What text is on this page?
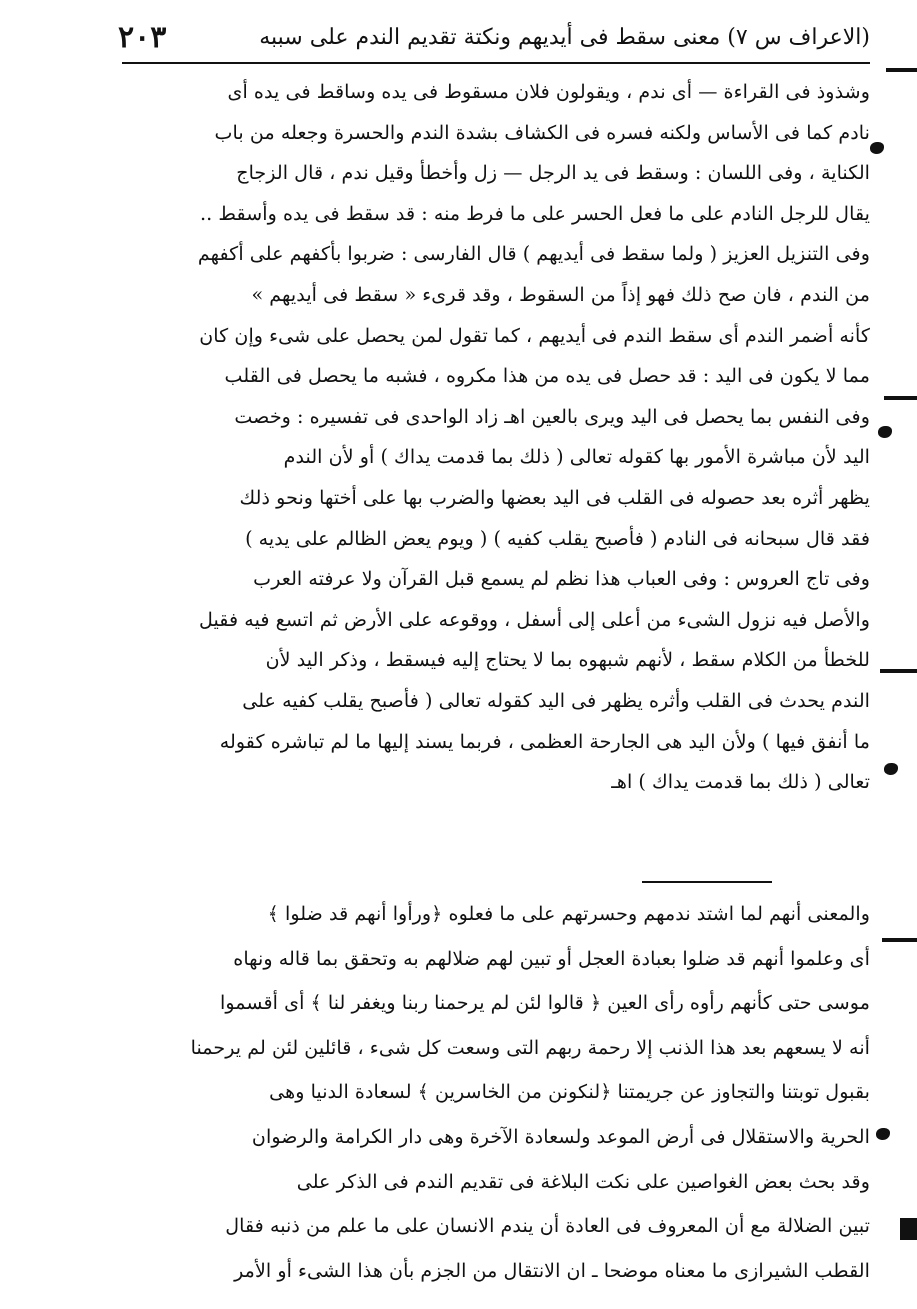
٢٠٣	(الاعراف س ٧) معنى سقط فى أيديهم ونكتة تقديم الندم على سببه
وشذوذ فى القراءة — أى ندم ، ويقولون فلان مسقوط فى يده وساقط فى يده أى
نادم كما فى الأساس ولكنه فسره فى الكشاف بشدة الندم والحسرة وجعله من باب
الكناية ، وفى اللسان : وسقط فى يد الرجل — زل وأخطأ وقيل ندم ، قال الزجاج
يقال للرجل النادم على ما فعل الحسر على ما فرط منه : قد سقط فى يده وأسقط ..
وفى التنزيل العزيز ( ولما سقط فى أيديهم ) قال الفارسى : ضربوا بأكفهم على أكفهم
من الندم ، فان صح ذلك فهو إذاً من السقوط ، وقد قرىء « سقط فى أيديهم »
كأنه أضمر الندم أى سقط الندم فى أيديهم ، كما تقول لمن يحصل على شىء وإن كان
مما لا يكون فى اليد : قد حصل فى يده من هذا مكروه ، فشبه ما يحصل فى القلب
وفى النفس بما يحصل فى اليد ويرى بالعين اهـ زاد الواحدى فى تفسيره : وخصت
اليد لأن مباشرة الأمور بها كقوله تعالى ( ذلك بما قدمت يداك ) أو لأن الندم
يظهر أثره بعد حصوله فى القلب فى اليد بعضها والضرب بها على أختها ونحو ذلك
فقد قال سبحانه فى النادم ( فأصبح يقلب كفيه ) ( ويوم يعض الظالم على يديه )
وفى تاج العروس : وفى العباب هذا نظم لم يسمع قبل القرآن ولا عرفته العرب
والأصل فيه نزول الشىء من أعلى إلى أسفل ، ووقوعه على الأرض ثم اتسع فيه فقيل
للخطأ من الكلام سقط ، لأنهم شبهوه بما لا يحتاج إليه فيسقط ، وذكر اليد لأن
الندم يحدث فى القلب وأثره يظهر فى اليد كقوله تعالى ( فأصبح يقلب كفيه على
ما أنفق فيها ) ولأن اليد هى الجارحة العظمى ، فربما يسند إليها ما لم تباشره كقوله
تعالى ( ذلك بما قدمت يداك ) اهـ
والمعنى أنهم لما اشتد ندمهم وحسرتهم على ما فعلوه ﴿ورأوا أنهم قد ضلوا ﴾
أى وعلموا أنهم قد ضلوا بعبادة العجل أو تبين لهم ضلالهم به وتحقق بما قاله ونهاه
موسى حتى كأنهم رأوه رأى العين ﴿ قالوا لئن لم يرحمنا ربنا ويغفر لنا ﴾ أى أقسموا
أنه لا يسعهم بعد هذا الذنب إلا رحمة ربهم التى وسعت كل شىء ، قائلين لئن لم يرحمنا
بقبول توبتنا والتجاوز عن جريمتنا ﴿لنكونن من الخاسرين ﴾ لسعادة الدنيا وهى
الحرية والاستقلال فى أرض الموعد ولسعادة الآخرة وهى دار الكرامة والرضوان
وقد بحث بعض الغواصين على نكت البلاغة فى تقديم الندم فى الذكر على
تبين الضلالة مع أن المعروف فى العادة أن يندم الانسان على ما علم من ذنبه فقال
القطب الشيرازى ما معناه موضحا ـ ان الانتقال من الجزم بأن هذا الشىء أو الأمر
